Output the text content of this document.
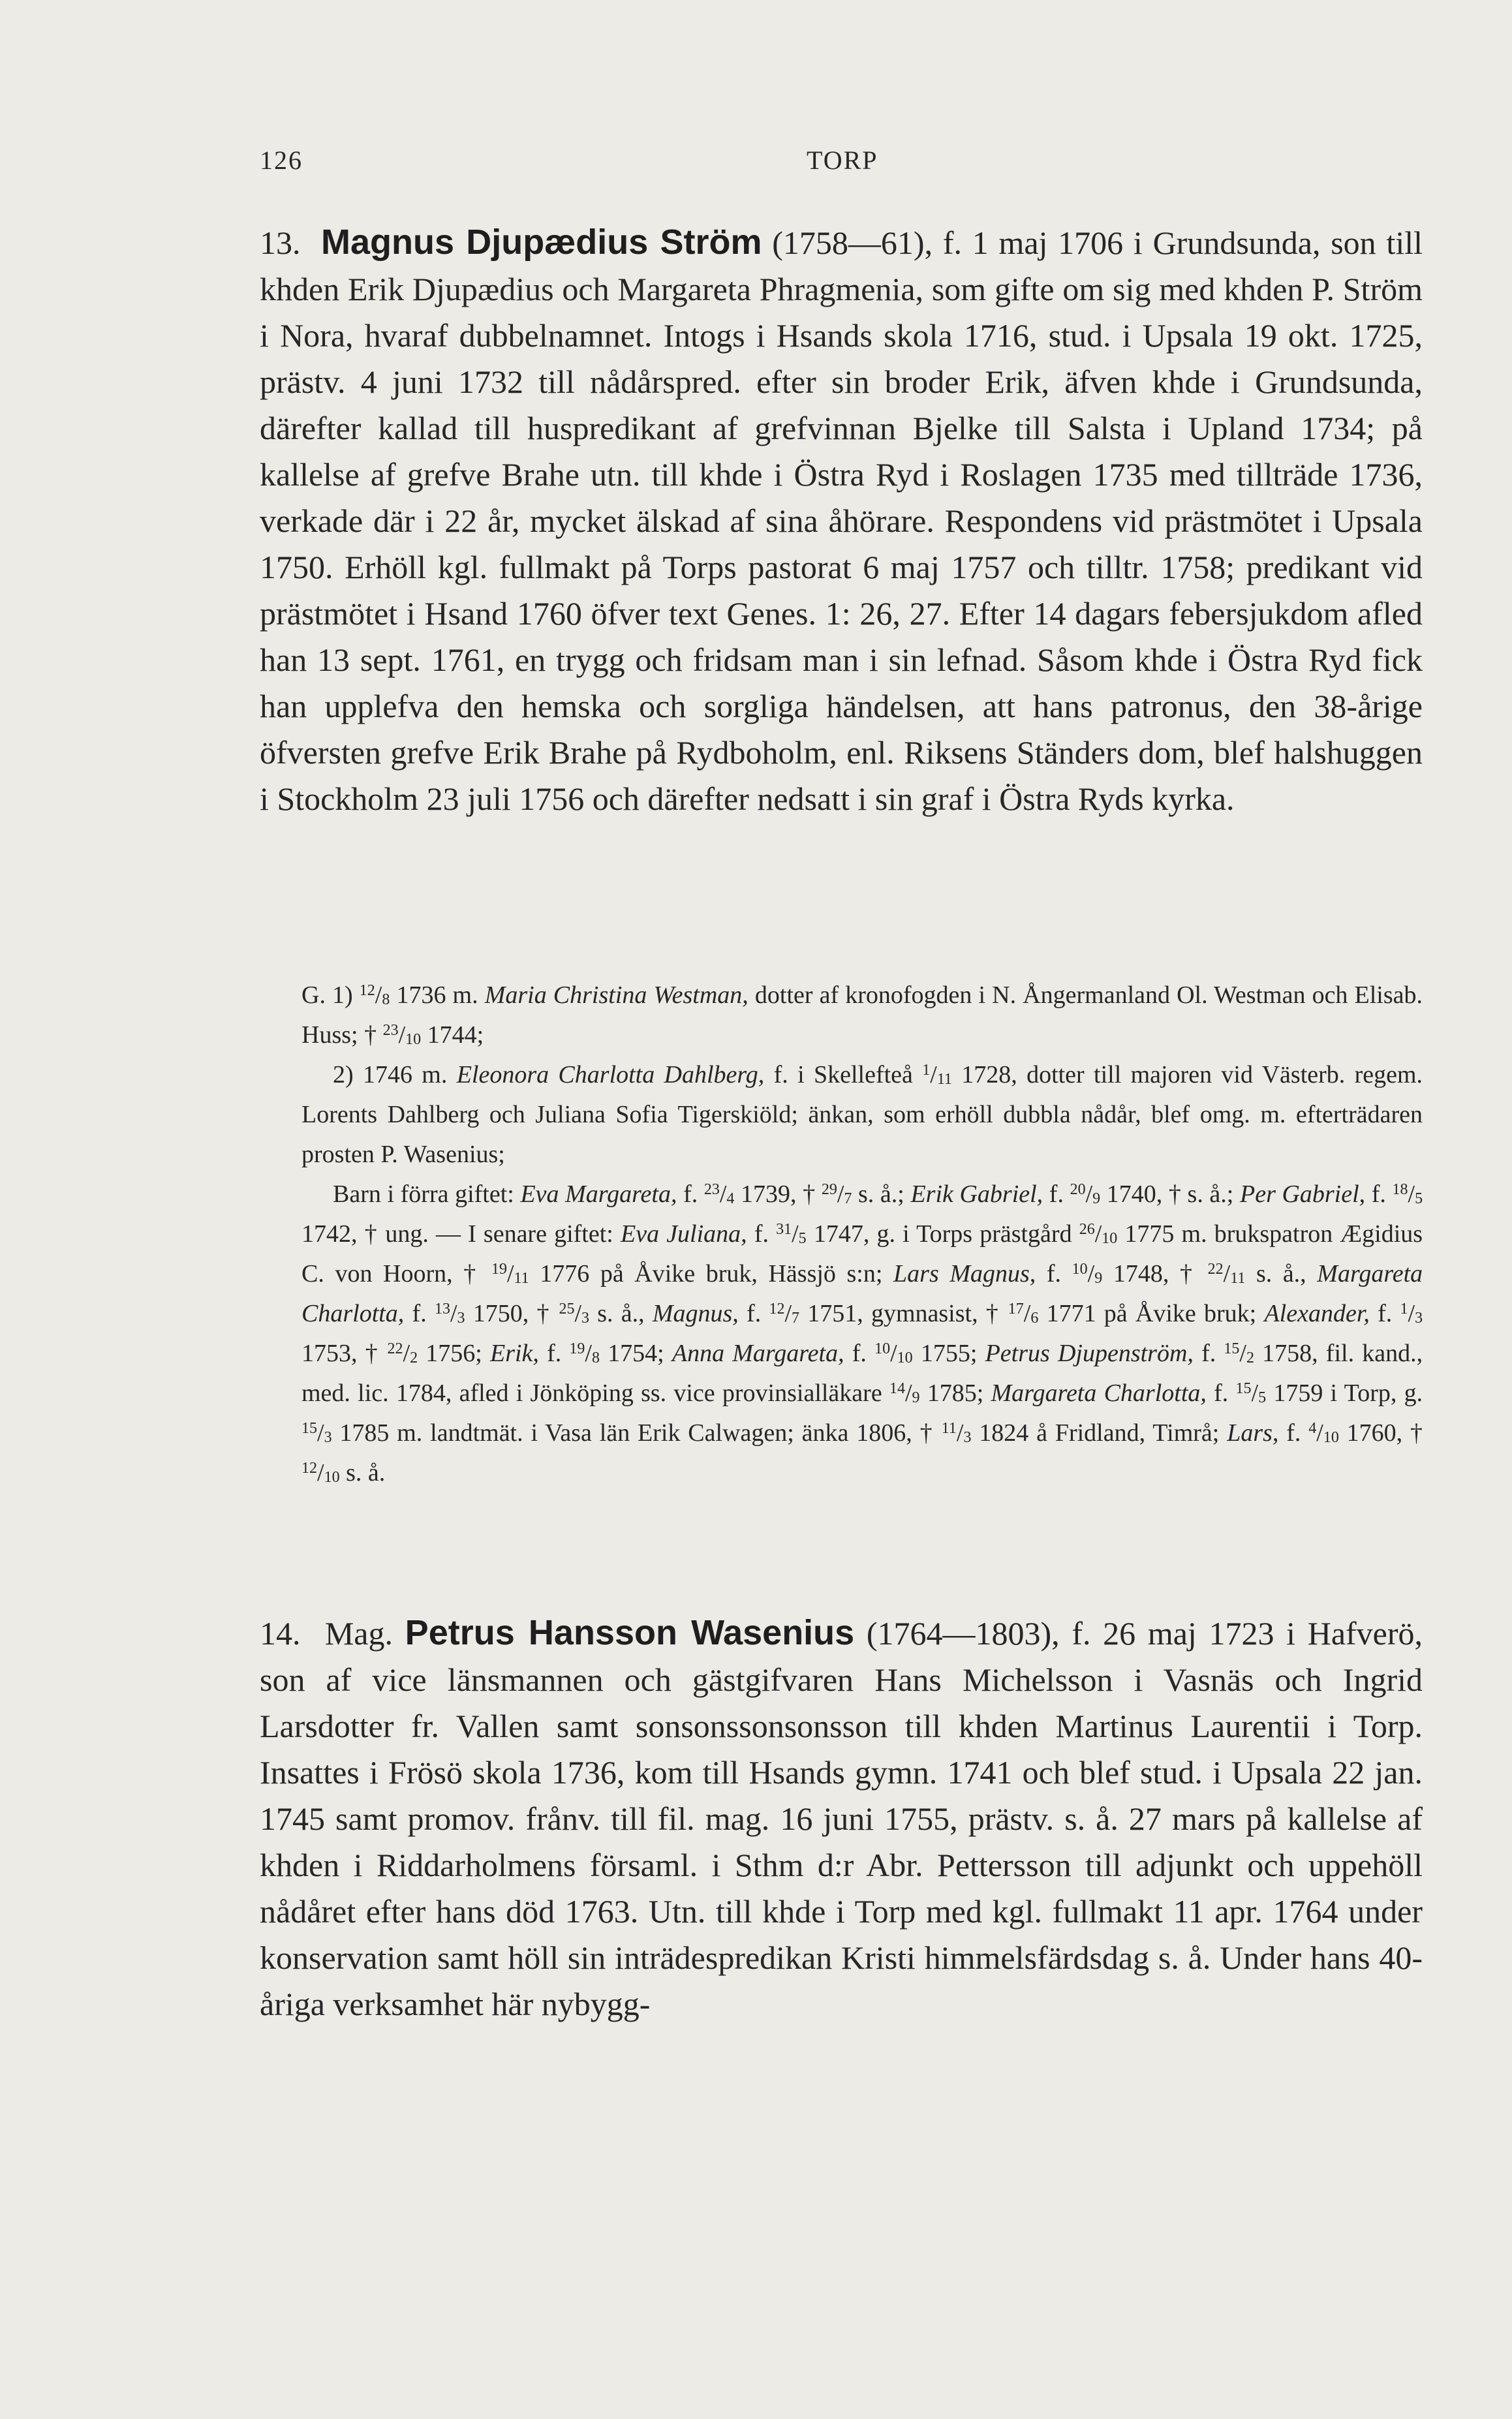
126	TORP

13. Magnus Djupædius Ström (1758—61), f. 1 maj 1706 i Grundsunda, son till khden Erik Djupædius och Margareta Phragmenia, som gifte om sig med khden P. Ström i Nora, hvaraf dubbelnamnet. Intogs i Hsands skola 1716, stud. i Upsala 19 okt. 1725, prästv. 4 juni 1732 till nådårspred. efter sin broder Erik, äfven khde i Grundsunda, därefter kallad till huspredikant af grefvinnan Bjelke till Salsta i Upland 1734; på kallelse af grefve Brahe utn. till khde i Östra Ryd i Roslagen 1735 med tillträde 1736, verkade där i 22 år, mycket älskad af sina åhörare. Respondens vid prästmötet i Upsala 1750. Erhöll kgl. fullmakt på Torps pastorat 6 maj 1757 och tilltr. 1758; predikant vid prästmötet i Hsand 1760 öfver text Genes. 1: 26, 27. Efter 14 dagars febersjukdom afled han 13 sept. 1761, en trygg och fridsam man i sin lefnad. Såsom khde i Östra Ryd fick han upplefva den hemska och sorgliga händelsen, att hans patronus, den 38-årige öfversten grefve Erik Brahe på Rydboholm, enl. Riksens Ständers dom, blef halshuggen i Stockholm 23 juli 1756 och därefter nedsatt i sin graf i Östra Ryds kyrka.

G. 1) $^{12}/_8$ 1736 m. Maria Christina Westman, dotter af kronofogden i N. Ångermanland Ol. Westman och Elisab. Huss; † $^{23}/_{10}$ 1744;

2) 1746 m. Eleonora Charlotta Dahlberg, f. i Skellefteå $^1/_{11}$ 1728, dotter till majoren vid Västerb. regem. Lorents Dahlberg och Juliana Sofia Tigerskiöld; änkan, som erhöll dubbla nådår, blef omg. m. efterträdaren prosten P. Wasenius;

Barn i förra giftet: Eva Margareta, f. $^{23}/_4$ 1739, † $^{29}/_7$ s. å.; Erik Gabriel, f. $^{20}/_9$ 1740, † s. å.; Per Gabriel, f. $^{18}/_5$ 1742, † ung. — I senare giftet: Eva Juliana, f. $^{31}/_5$ 1747, g. i Torps prästgård $^{26}/_{10}$ 1775 m. brukspatron Ægidius C. von Hoorn, † $^{19}/_{11}$ 1776 på Åvike bruk, Hässjö s:n; Lars Magnus, f. $^{10}/_9$ 1748, † $^{22}/_{11}$ s. å., Margareta Charlotta, f. $^{13}/_3$ 1750, † $^{25}/_3$ s. å., Magnus, f. $^{12}/_7$ 1751, gymnasist, † $^{17}/_6$ 1771 på Åvike bruk; Alexander, f. $^1/_3$ 1753, † $^{22}/_2$ 1756; Erik, f. $^{19}/_8$ 1754; Anna Margareta, f. $^{10}/_{10}$ 1755; Petrus Djupenström, f. $^{15}/_2$ 1758, fil. kand., med. lic. 1784, afled i Jönköping ss. vice provinsialläkare $^{14}/_9$ 1785; Margareta Charlotta, f. $^{15}/_5$ 1759 i Torp, g. $^{15}/_3$ 1785 m. landtmät. i Vasa län Erik Calwagen; änka 1806, † $^{11}/_3$ 1824 å Fridland, Timrå; Lars, f. $^4/_{10}$ 1760, † $^{12}/_{10}$ s. å.

14. Mag. Petrus Hansson Wasenius (1764—1803), f. 26 maj 1723 i Hafverö, son af vice länsmannen och gästgifvaren Hans Michelsson i Vasnäs och Ingrid Larsdotter fr. Vallen samt sonsonssonsonsson till khden Martinus Laurentii i Torp. Insattes i Frösö skola 1736, kom till Hsands gymn. 1741 och blef stud. i Upsala 22 jan. 1745 samt promov. frånv. till fil. mag. 16 juni 1755, prästv. s. å. 27 mars på kallelse af khden i Riddarholmens församl. i Sthm d:r Abr. Pettersson till adjunkt och uppehöll nådåret efter hans död 1763. Utn. till khde i Torp med kgl. fullmakt 11 apr. 1764 under konservation samt höll sin inträdespredikan Kristi himmelsfärdsdag s. å. Under hans 40-åriga verksamhet här nybygg-
